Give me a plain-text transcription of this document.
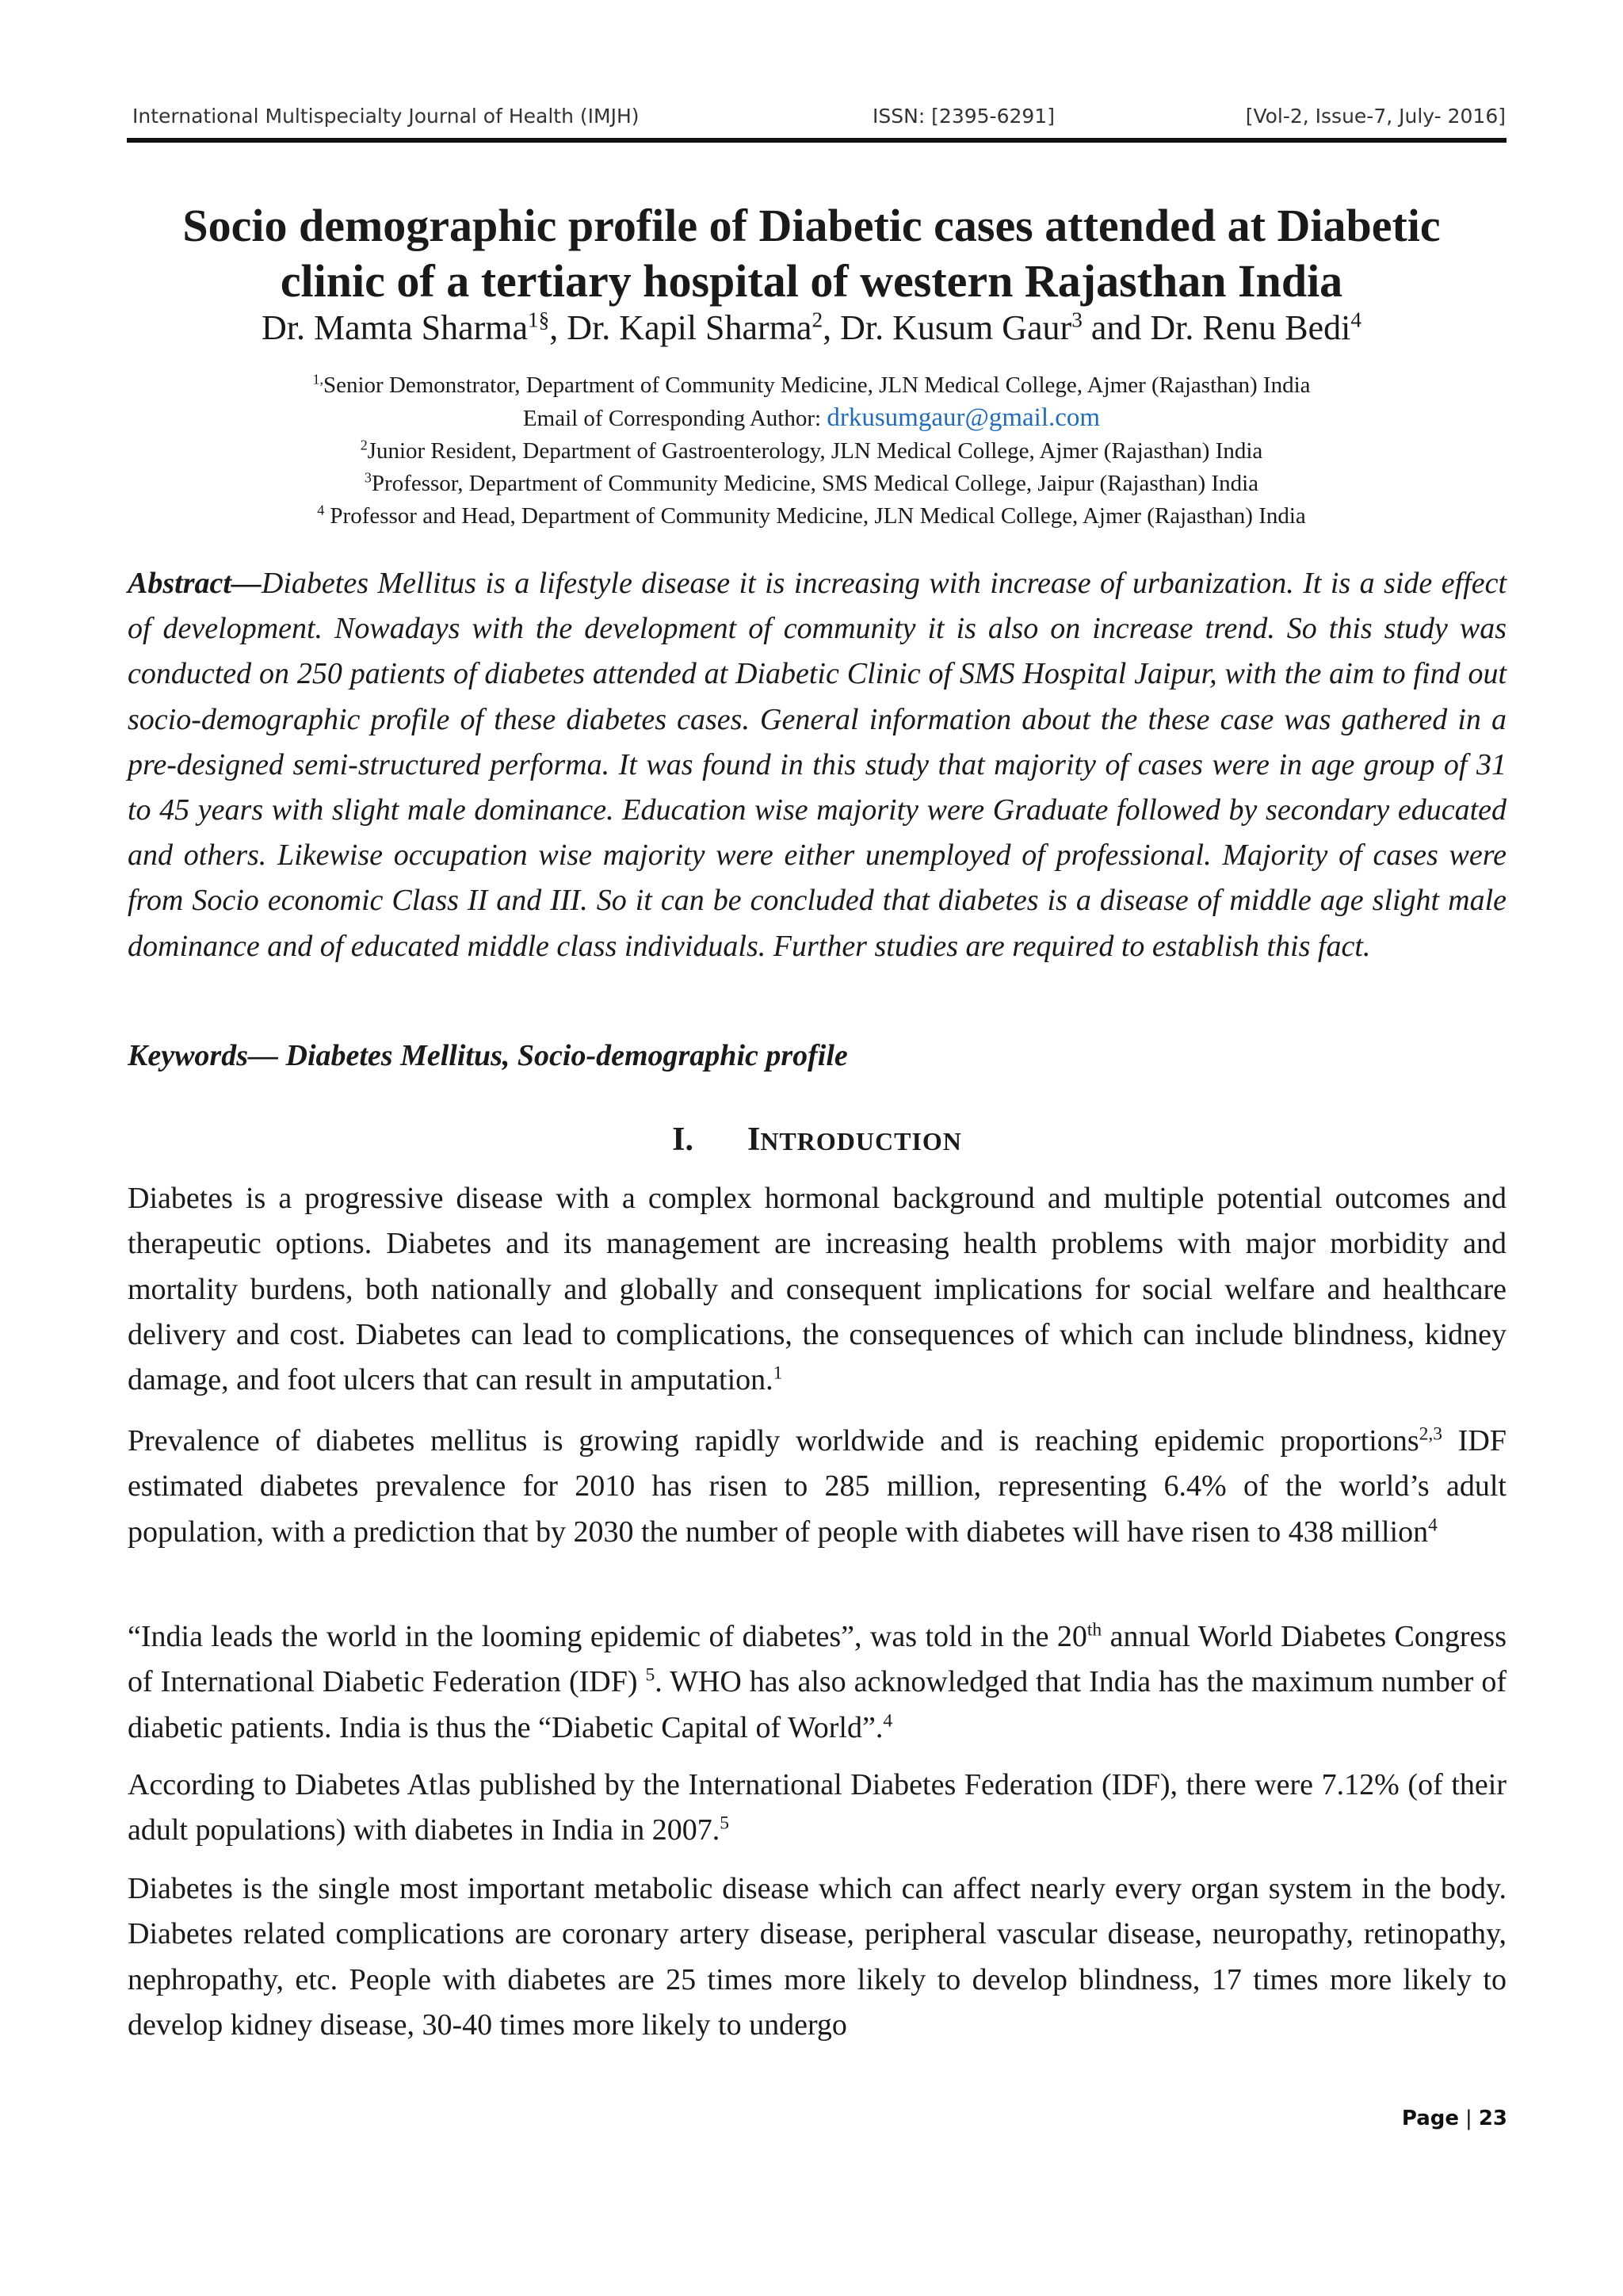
International Multispecialty Journal of Health (IMJH)	ISSN: [2395-6291]	[Vol-2, Issue-7, July- 2016]
Socio demographic profile of Diabetic cases attended at Diabetic
clinic of a tertiary hospital of western Rajasthan India
Dr. Mamta Sharma$^{1\S}$, Dr. Kapil Sharma$^2$, Dr. Kusum Gaur$^3$ and Dr. Renu Bedi$^4$
$^{1,}$Senior Demonstrator, Department of Community Medicine, JLN Medical College, Ajmer (Rajasthan) India
Email of Corresponding Author: drkusumgaur@gmail.com
$^2$Junior Resident, Department of Gastroenterology, JLN Medical College, Ajmer (Rajasthan) India
$^3$Professor, Department of Community Medicine, SMS Medical College, Jaipur (Rajasthan) India
$^4$ Professor and Head, Department of Community Medicine, JLN Medical College, Ajmer (Rajasthan) India

Abstract—Diabetes Mellitus is a lifestyle disease it is increasing with increase of urbanization. It is a side effect of development. Nowadays with the development of community it is also on increase trend. So this study was conducted on 250 patients of diabetes attended at Diabetic Clinic of SMS Hospital Jaipur, with the aim to find out socio-demographic profile of these diabetes cases. General information about the these case was gathered in a pre-designed semi-structured performa. It was found in this study that majority of cases were in age group of 31 to 45 years with slight male dominance. Education wise majority were Graduate followed by secondary educated and others. Likewise occupation wise majority were either unemployed of professional. Majority of cases were from Socio economic Class II and III. So it can be concluded that diabetes is a disease of middle age slight male dominance and of educated middle class individuals. Further studies are required to establish this fact.

Keywords— Diabetes Mellitus, Socio-demographic profile

I. INTRODUCTION

Diabetes is a progressive disease with a complex hormonal background and multiple potential outcomes and therapeutic options. Diabetes and its management are increasing health problems with major morbidity and mortality burdens, both nationally and globally and consequent implications for social welfare and healthcare delivery and cost. Diabetes can lead to complications, the consequences of which can include blindness, kidney damage, and foot ulcers that can result in amputation.$^1$

Prevalence of diabetes mellitus is growing rapidly worldwide and is reaching epidemic proportions$^{2,3}$ IDF estimated diabetes prevalence for 2010 has risen to 285 million, representing 6.4% of the world’s adult population, with a prediction that by 2030 the number of people with diabetes will have risen to 438 million$^4$

“India leads the world in the looming epidemic of diabetes”, was told in the 20th annual World Diabetes Congress of International Diabetic Federation (IDF) $^5$. WHO has also acknowledged that India has the maximum number of diabetic patients. India is thus the “Diabetic Capital of World”.$^4$

According to Diabetes Atlas published by the International Diabetes Federation (IDF), there were 7.12% (of their adult populations) with diabetes in India in 2007.$^5$

Diabetes is the single most important metabolic disease which can affect nearly every organ system in the body. Diabetes related complications are coronary artery disease, peripheral vascular disease, neuropathy, retinopathy, nephropathy, etc. People with diabetes are 25 times more likely to develop blindness, 17 times more likely to develop kidney disease, 30-40 times more likely to undergo

Page | 23
